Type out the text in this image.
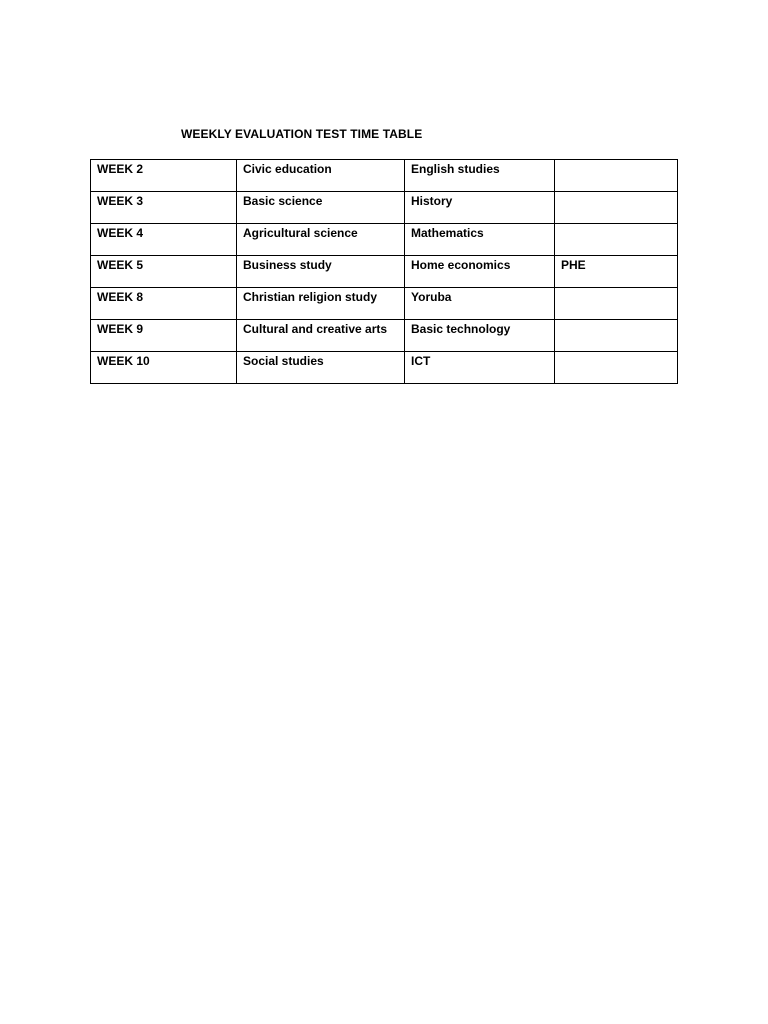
WEEKLY EVALUATION TEST TIME TABLE
WEEK 2	Civic education	English studies	
WEEK 3	Basic science	History	
WEEK 4	Agricultural science	Mathematics	
WEEK 5	Business study	Home economics	PHE
WEEK 8	Christian religion study	Yoruba	
WEEK 9	Cultural and creative arts	Basic technology	
WEEK 10	Social studies	ICT	
